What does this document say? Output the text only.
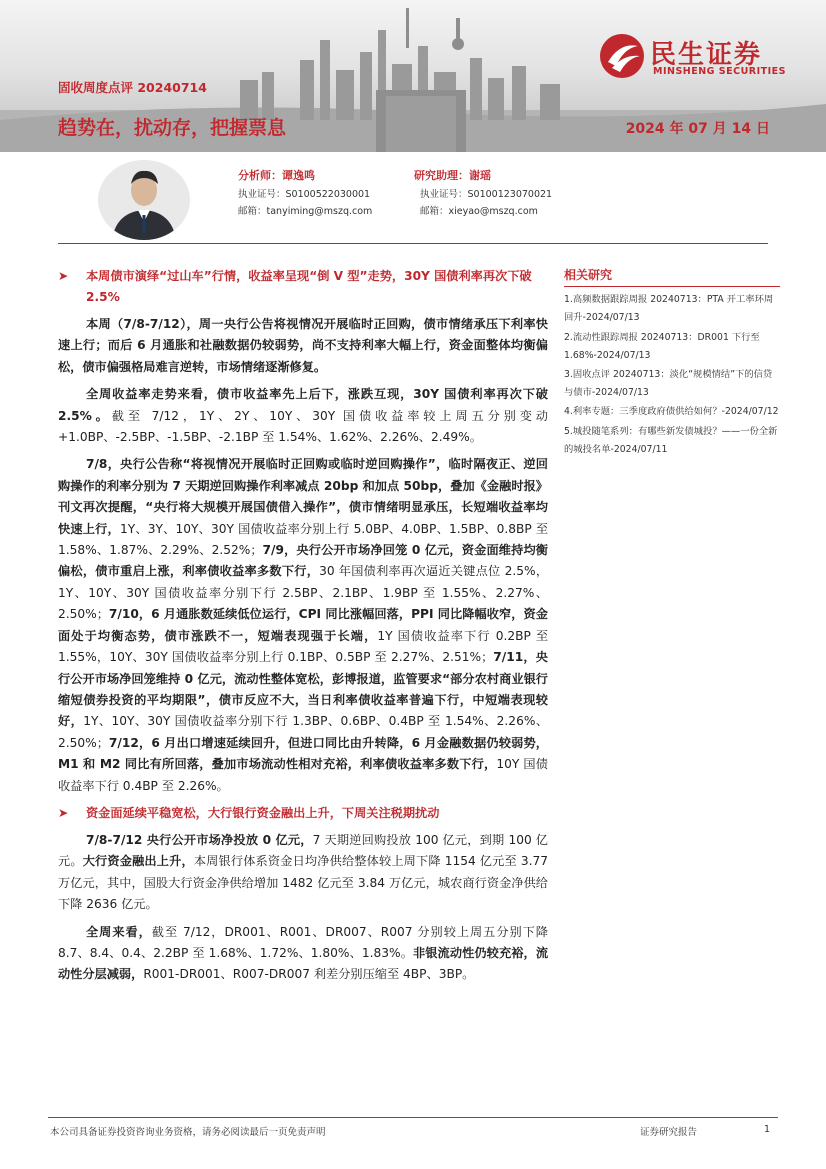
固收周度点评 20240714
趋势在，扰动存，把握票息	2024 年 07 月 14 日
民生证券
MINSHENG SECURITIES
分析师：谭逸鸣
执业证号：S0100522030001
邮箱：tanyiming@mszq.com
研究助理：谢瑶
执业证号：S0100123070021
邮箱：xieyao@mszq.com
➤ 本周债市演绎“过山车”行情，收益率呈现“倒 V 型”走势，30Y 国债利率再次下破 2.5%

本周（7/8-7/12），周一央行公告将视情况开展临时正回购，债市情绪承压下利率快速上行；而后 6 月通胀和社融数据仍较弱势，尚不支持利率大幅上行，资金面整体均衡偏松，债市偏强格局难言逆转，市场情绪逐渐修复。

全周收益率走势来看，债市收益率先上后下，涨跌互现，30Y 国债利率再次下破 2.5%。截至 7/12，1Y、2Y、10Y、30Y 国债收益率较上周五分别变动+1.0BP、-2.5BP、-1.5BP、-2.1BP 至 1.54%、1.62%、2.26%、2.49%。

7/8，央行公告称“将视情况开展临时正回购或临时逆回购操作”，临时隔夜正、逆回购操作的利率分别为 7 天期逆回购操作利率减点 20bp 和加点 50bp，叠加《金融时报》刊文再次提醒，“央行将大规模开展国债借入操作”，债市情绪明显承压，长短端收益率均快速上行，1Y、3Y、10Y、30Y 国债收益率分别上行 5.0BP、4.0BP、1.5BP、0.8BP 至 1.58%、1.87%、2.29%、2.52%；7/9，央行公开市场净回笼 0 亿元，资金面维持均衡偏松，债市重启上涨，利率债收益率多数下行，30 年国债利率再次逼近关键点位 2.5%，1Y、10Y、30Y 国债收益率分别下行 2.5BP、2.1BP、1.9BP 至 1.55%、2.27%、2.50%；7/10，6 月通胀数延续低位运行，CPI 同比涨幅回落，PPI 同比降幅收窄，资金面处于均衡态势，债市涨跌不一，短端表现强于长端，1Y 国债收益率下行 0.2BP 至 1.55%，10Y、30Y 国债收益率分别上行 0.1BP、0.5BP 至 2.27%、2.51%；7/11，央行公开市场净回笼维持 0 亿元，流动性整体宽松，彭博报道，监管要求“部分农村商业银行缩短债券投资的平均期限”，债市反应不大，当日利率债收益率普遍下行，中短端表现较好，1Y、10Y、30Y 国债收益率分别下行 1.3BP、0.6BP、0.4BP 至 1.54%、2.26%、2.50%；7/12，6 月出口增速延续回升，但进口同比由升转降，6 月金融数据仍较弱势，M1 和 M2 同比有所回落，叠加市场流动性相对充裕，利率债收益率多数下行，10Y 国债收益率下行 0.4BP 至 2.26%。

➤ 资金面延续平稳宽松，大行银行资金融出上升，下周关注税期扰动

7/8-7/12 央行公开市场净投放 0 亿元，7 天期逆回购投放 100 亿元，到期 100 亿元。大行资金融出上升，本周银行体系资金日均净供给整体较上周下降 1154 亿元至 3.77 万亿元，其中，国股大行资金净供给增加 1482 亿元至 3.84 万亿元，城农商行资金净供给下降 2636 亿元。

全周来看，截至 7/12，DR001、R001、DR007、R007 分别较上周五分别下降 8.7、8.4、0.4、2.2BP 至 1.68%、1.72%、1.80%、1.83%。非银流动性仍较充裕，流动性分层减弱，R001-DR001、R007-DR007 利差分别压缩至 4BP、3BP。

相关研究
1.高频数据跟踪周报 20240713：PTA 开工率环周回升-2024/07/13
2.流动性跟踪周报 20240713：DR001 下行至 1.68%-2024/07/13
3.固收点评 20240713：淡化“规模情结”下的信贷与债市-2024/07/13
4.利率专题：三季度政府债供给如何？-2024/07/12
5.城投随笔系列：有哪些新发债城投？——一份全新的城投名单-2024/07/11
本公司具备证券投资咨询业务资格，请务必阅读最后一页免责声明	证券研究报告	1
